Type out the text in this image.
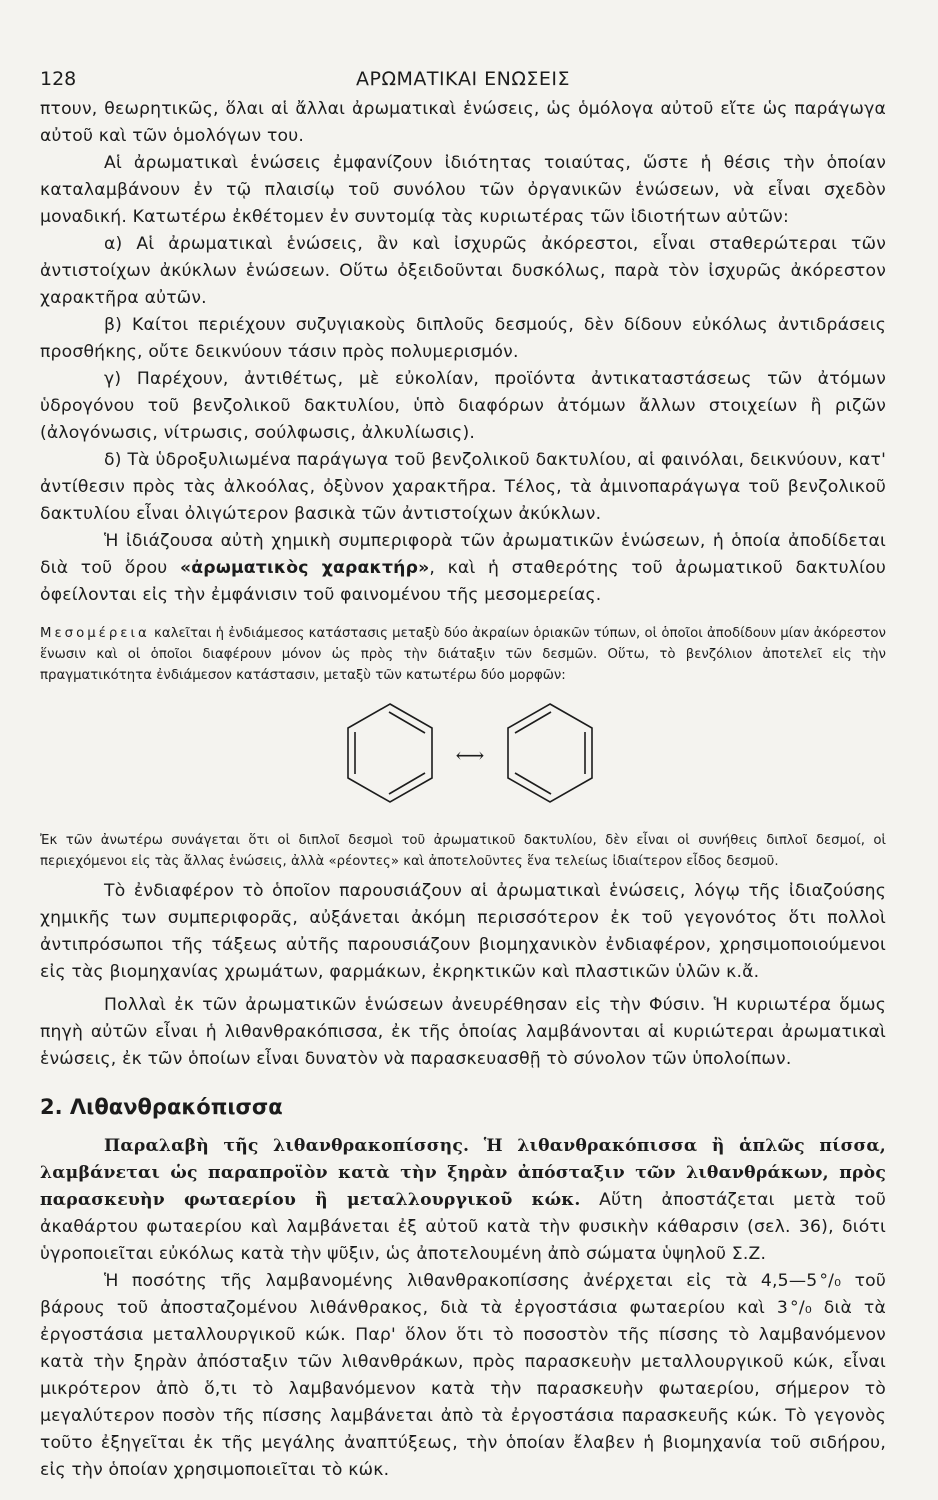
128	ΑΡΩΜΑΤΙΚΑΙ ΕΝΩΣΕΙΣ

πτουν, θεωρητικῶς, ὅλαι αἱ ἄλλαι ἀρωματικαὶ ἑνώσεις, ὡς ὁμόλογα αὐτοῦ εἴτε ὡς παράγωγα αὐτοῦ καὶ τῶν ὁμολόγων του.

Αἱ ἀρωματικαὶ ἑνώσεις ἐμφανίζουν ἰδιότητας τοιαύτας, ὥστε ἡ θέσις τὴν ὁποίαν καταλαμβάνουν ἐν τῷ πλαισίῳ τοῦ συνόλου τῶν ὀργανικῶν ἑνώσεων, νὰ εἶναι σχεδὸν μοναδική. Κατωτέρω ἐκθέτομεν ἐν συντομίᾳ τὰς κυριωτέρας τῶν ἰδιοτήτων αὐτῶν:

α) Αἱ ἀρωματικαὶ ἑνώσεις, ἂν καὶ ἰσχυρῶς ἀκόρεστοι, εἶναι σταθερώτεραι τῶν ἀντιστοίχων ἀκύκλων ἑνώσεων. Οὕτω ὀξειδοῦνται δυσκόλως, παρὰ τὸν ἰσχυρῶς ἀκόρεστον χαρακτῆρα αὐτῶν.

β) Καίτοι περιέχουν συζυγιακοὺς διπλοῦς δεσμούς, δὲν δίδουν εὐκόλως ἀντιδράσεις προσθήκης, οὔτε δεικνύουν τάσιν πρὸς πολυμερισμόν.

γ) Παρέχουν, ἀντιθέτως, μὲ εὐκολίαν, προϊόντα ἀντικαταστάσεως τῶν ἀτόμων ὑδρογόνου τοῦ βενζολικοῦ δακτυλίου, ὑπὸ διαφόρων ἀτόμων ἄλλων στοιχείων ἢ ριζῶν (ἀλογόνωσις, νίτρωσις, σούλφωσις, ἀλκυλίωσις).

δ) Τὰ ὑδροξυλιωμένα παράγωγα τοῦ βενζολικοῦ δακτυλίου, αἱ φαινόλαι, δεικνύουν, κατ' ἀντίθεσιν πρὸς τὰς ἀλκοόλας, ὀξὺνον χαρακτῆρα. Τέλος, τὰ ἀμινοπαράγωγα τοῦ βενζολικοῦ δακτυλίου εἶναι ὀλιγώτερον βασικὰ τῶν ἀντιστοίχων ἀκύκλων.

Ἡ ἰδιάζουσα αὐτὴ χημικὴ συμπεριφορὰ τῶν ἀρωματικῶν ἑνώσεων, ἡ ὁποία ἀποδίδεται διὰ τοῦ ὅρου «ἀρωματικὸς χαρακτήρ», καὶ ἡ σταθερότης τοῦ ἀρωματικοῦ δακτυλίου ὀφείλονται εἰς τὴν ἐμφάνισιν τοῦ φαινομένου τῆς μεσομερείας.

Μεσομέρεια καλεῖται ἡ ἐνδιάμεσος κατάστασις μεταξὺ δύο ἀκραίων ὁριακῶν τύπων, οἱ ὁποῖοι ἀποδίδουν μίαν ἀκόρεστον ἕνωσιν καὶ οἱ ὁποῖοι διαφέρουν μόνον ὡς πρὸς τὴν διάταξιν τῶν δεσμῶν. Οὕτω, τὸ βενζόλιον ἀποτελεῖ εἰς τὴν πραγματικότητα ἐνδιάμεσον κατάστασιν, μεταξὺ τῶν κατωτέρω δύο μορφῶν:

⟷

Ἐκ τῶν ἀνωτέρω συνάγεται ὅτι οἱ διπλοῖ δεσμοὶ τοῦ ἀρωματικοῦ δακτυλίου, δὲν εἶναι οἱ συνήθεις διπλοῖ δεσμοί, οἱ περιεχόμενοι εἰς τὰς ἄλλας ἑνώσεις, ἀλλὰ «ρέοντες» καὶ ἀποτελοῦντες ἕνα τελείως ἰδιαίτερον εἶδος δεσμοῦ.

Τὸ ἐνδιαφέρον τὸ ὁποῖον παρουσιάζουν αἱ ἀρωματικαὶ ἑνώσεις, λόγῳ τῆς ἰδιαζούσης χημικῆς των συμπεριφορᾶς, αὐξάνεται ἀκόμη περισσότερον ἐκ τοῦ γεγονότος ὅτι πολλοὶ ἀντιπρόσωποι τῆς τάξεως αὐτῆς παρουσιάζουν βιομηχανικὸν ἐνδιαφέρον, χρησιμοποιούμενοι εἰς τὰς βιομηχανίας χρωμάτων, φαρμάκων, ἐκρηκτικῶν καὶ πλαστικῶν ὑλῶν κ.ἄ.

Πολλαὶ ἐκ τῶν ἀρωματικῶν ἑνώσεων ἀνευρέθησαν εἰς τὴν Φύσιν. Ἡ κυριωτέρα ὅμως πηγὴ αὐτῶν εἶναι ἡ λιθανθρακόπισσα, ἐκ τῆς ὁποίας λαμβάνονται αἱ κυριώτεραι ἀρωματικαὶ ἑνώσεις, ἐκ τῶν ὁποίων εἶναι δυνατὸν νὰ παρασκευασθῇ τὸ σύνολον τῶν ὑπολοίπων.

2. Λιθανθρακόπισσα

Παραλαβὴ τῆς λιθανθρακοπίσσης. Ἡ λιθανθρακόπισσα ἢ ἁπλῶς πίσσα, λαμβάνεται ὡς παραπροϊὸν κατὰ τὴν ξηρὰν ἀπόσταξιν τῶν λιθανθράκων, πρὸς παρασκευὴν φωταερίου ἢ μεταλλουργικοῦ κώκ. Αὕτη ἀποστάζεται μετὰ τοῦ ἀκαθάρτου φωταερίου καὶ λαμβάνεται ἐξ αὐτοῦ κατὰ τὴν φυσικὴν κάθαρσιν (σελ. 36), διότι ὑγροποιεῖται εὐκόλως κατὰ τὴν ψῦξιν, ὡς ἀποτελουμένη ἀπὸ σώματα ὑψηλοῦ Σ.Ζ.

Ἡ ποσότης τῆς λαμβανομένης λιθανθρακοπίσσης ἀνέρχεται εἰς τὰ 4,5—5 °/₀ τοῦ βάρους τοῦ ἀποσταζομένου λιθάνθρακος, διὰ τὰ ἐργοστάσια φωταερίου καὶ 3 °/₀ διὰ τὰ ἐργοστάσια μεταλλουργικοῦ κώκ. Παρ' ὅλον ὅτι τὸ ποσοστὸν τῆς πίσσης τὸ λαμβανόμενον κατὰ τὴν ξηρὰν ἀπόσταξιν τῶν λιθανθράκων, πρὸς παρασκευὴν μεταλλουργικοῦ κώκ, εἶναι μικρότερον ἀπὸ ὅ,τι τὸ λαμβανόμενον κατὰ τὴν παρασκευὴν φωταερίου, σήμερον τὸ μεγαλύτερον ποσὸν τῆς πίσσης λαμβάνεται ἀπὸ τὰ ἐργοστάσια παρασκευῆς κώκ. Τὸ γεγονὸς τοῦτο ἐξηγεῖται ἐκ τῆς μεγάλης ἀναπτύξεως, τὴν ὁποίαν ἔλαβεν ἡ βιομηχανία τοῦ σιδήρου, εἰς τὴν ὁποίαν χρησιμοποιεῖται τὸ κώκ.
